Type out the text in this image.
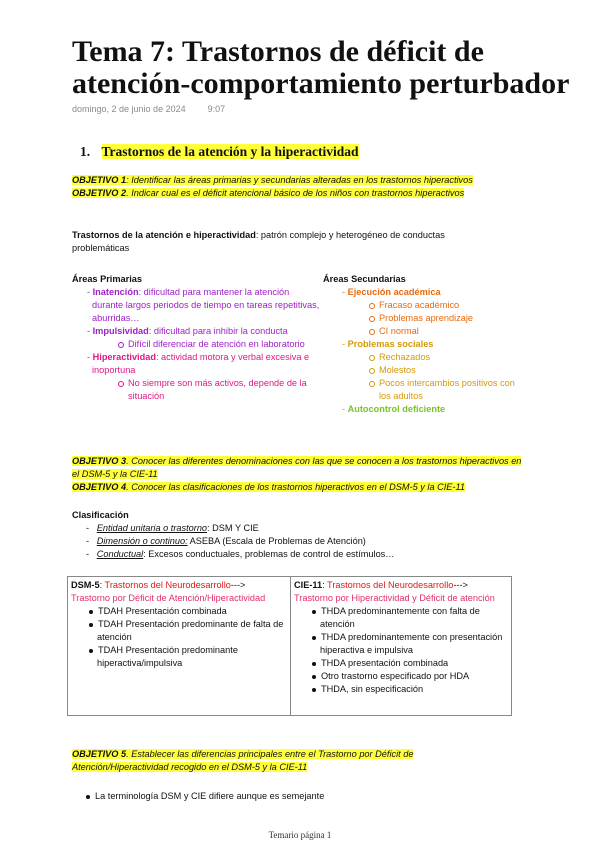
Tema 7: Trastornos de déficit de atención-comportamiento perturbador
domingo, 2 de junio de 2024 9:07
1. Trastornos de la atención y la hiperactividad
OBJETIVO 1: Identificar las áreas primarias y secundarias alteradas en los trastornos hiperactivos
OBJETIVO 2. Indicar cual es el déficit atencional básico de los niños con trastornos hiperactivos
Trastornos de la atención e hiperactividad: patrón complejo y heterogéneo de conductas problemáticas
Áreas Primarias
- Inatención: dificultad para mantener la atención durante largos periodos de tiempo en tareas repetitivas, aburridas…
- Impulsividad: dificultad para inhibir la conducta
Difícil diferenciar de atención en laboratorio
- Hiperactividad: actividad motora y verbal excesiva e inoportuna
No siempre son más activos, depende de la situación
Áreas Secundarias
- Ejecución académica
Fracaso académico
Problemas aprendizaje
CI normal
- Problemas sociales
Rechazados
Molestos
Pocos intercambios positivos con los adultos
- Autocontrol deficiente
OBJETIVO 3. Conocer las diferentes denominaciones con las que se conocen a los trastornos hiperactivos en el DSM-5 y la CIE-11
OBJETIVO 4. Conocer las clasificaciones de los trastornos hiperactivos en el DSM-5 y la CIE-11
Clasificación
-   Entidad unitaria o trastorno: DSM Y CIE
-   Dimensión o continuo: ASEBA (Escala de Problemas de Atención)
-   Conductual: Excesos conductuales, problemas de control de estímulos…
DSM-5: Trastornos del Neurodesarrollo--->
Trastorno por Déficit de Atención/Hiperactividad
TDAH Presentación combinada
TDAH Presentación predominante de falta de atención
TDAH Presentación predominante hiperactiva/impulsiva
	CIE-11: Trastornos del Neurodesarrollo--->
Trastorno por Hiperactividad y Déficit de atención
THDA predominantemente con falta de atención
THDA predominantemente con presentación hiperactiva e impulsiva
THDA presentación combinada
Otro trastorno especificado por HDA
THDA, sin especificación
OBJETIVO 5. Establecer las diferencias principales entre el Trastorno por Déficit de Atención/Hiperactividad recogido en el DSM-5 y la CIE-11
La terminología DSM y CIE difiere aunque es semejante
Temario página 1
